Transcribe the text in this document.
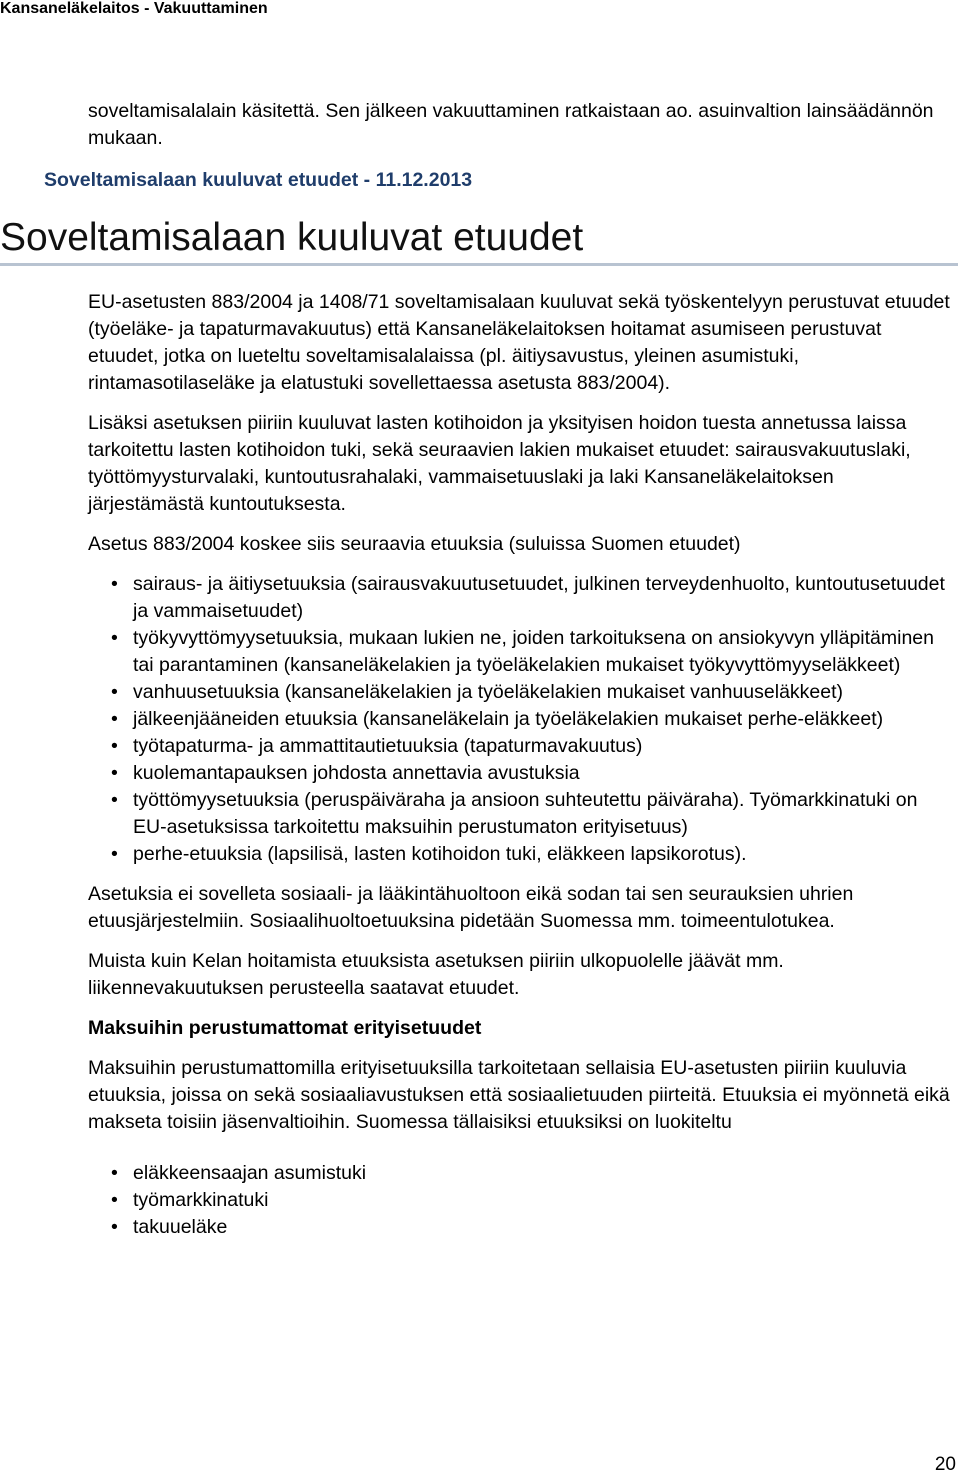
Kansaneläkelaitos - Vakuuttaminen
soveltamisalalain käsitettä. Sen jälkeen vakuuttaminen ratkaistaan ao. asuinvaltion lainsäädännön mukaan.
Soveltamisalaan kuuluvat etuudet - 11.12.2013
Soveltamisalaan kuuluvat etuudet

EU-asetusten 883/2004 ja 1408/71 soveltamisalaan kuuluvat sekä työskentelyyn perustuvat etuudet (työeläke- ja tapaturmavakuutus) että Kansaneläkelaitoksen hoitamat asumiseen perustuvat etuudet, jotka on lueteltu soveltamisalalaissa (pl. äitiysavustus, yleinen asumistuki, rintamasotilaseläke ja elatustuki sovellettaessa asetusta 883/2004).

Lisäksi asetuksen piiriin kuuluvat lasten kotihoidon ja yksityisen hoidon tuesta annetussa laissa tarkoitettu lasten kotihoidon tuki, sekä seuraavien lakien mukaiset etuudet: sairausvakuutuslaki, työttömyysturvalaki, kuntoutusrahalaki, vammaisetuuslaki ja laki Kansaneläkelaitoksen järjestämästä kuntoutuksesta.

Asetus 883/2004 koskee siis seuraavia etuuksia (suluissa Suomen etuudet)

• sairaus- ja äitiysetuuksia (sairausvakuutusetuudet, julkinen terveydenhuolto, kuntoutusetuudet ja vammaisetuudet)
• työkyvyttömyysetuuksia, mukaan lukien ne, joiden tarkoituksena on ansiokyvyn ylläpitäminen tai parantaminen (kansaneläkelakien ja työeläkelakien mukaiset työkyvyttömyyseläkkeet)
• vanhuusetuuksia (kansaneläkelakien ja työeläkelakien mukaiset vanhuuseläkkeet)
• jälkeenjääneiden etuuksia (kansaneläkelain ja työeläkelakien mukaiset perhe-eläkkeet)
• työtapaturma- ja ammattitautietuuksia (tapaturmavakuutus)
• kuolemantapauksen johdosta annettavia avustuksia
• työttömyysetuuksia (peruspäiväraha ja ansioon suhteutettu päiväraha). Työmarkkinatuki on EU-asetuksissa tarkoitettu maksuihin perustumaton erityisetuus)
• perhe-etuuksia (lapsilisä, lasten kotihoidon tuki, eläkkeen lapsikorotus).

Asetuksia ei sovelleta sosiaali- ja lääkintähuoltoon eikä sodan tai sen seurauksien uhrien etuusjärjestelmiin. Sosiaalihuoltoetuuksina pidetään Suomessa mm. toimeentulotukea.

Muista kuin Kelan hoitamista etuuksista asetuksen piiriin ulkopuolelle jäävät mm. liikennevakuutuksen perusteella saatavat etuudet.

Maksuihin perustumattomat erityisetuudet

Maksuihin perustumattomilla erityisetuuksilla tarkoitetaan sellaisia EU-asetusten piiriin kuuluvia etuuksia, joissa on sekä sosiaaliavustuksen että sosiaalietuuden piirteitä. Etuuksia ei myönnetä eikä makseta toisiin jäsenvaltioihin. Suomessa tällaisiksi etuuksiksi on luokiteltu

• eläkkeensaajan asumistuki
• työmarkkinatuki
• takuueläke
20
